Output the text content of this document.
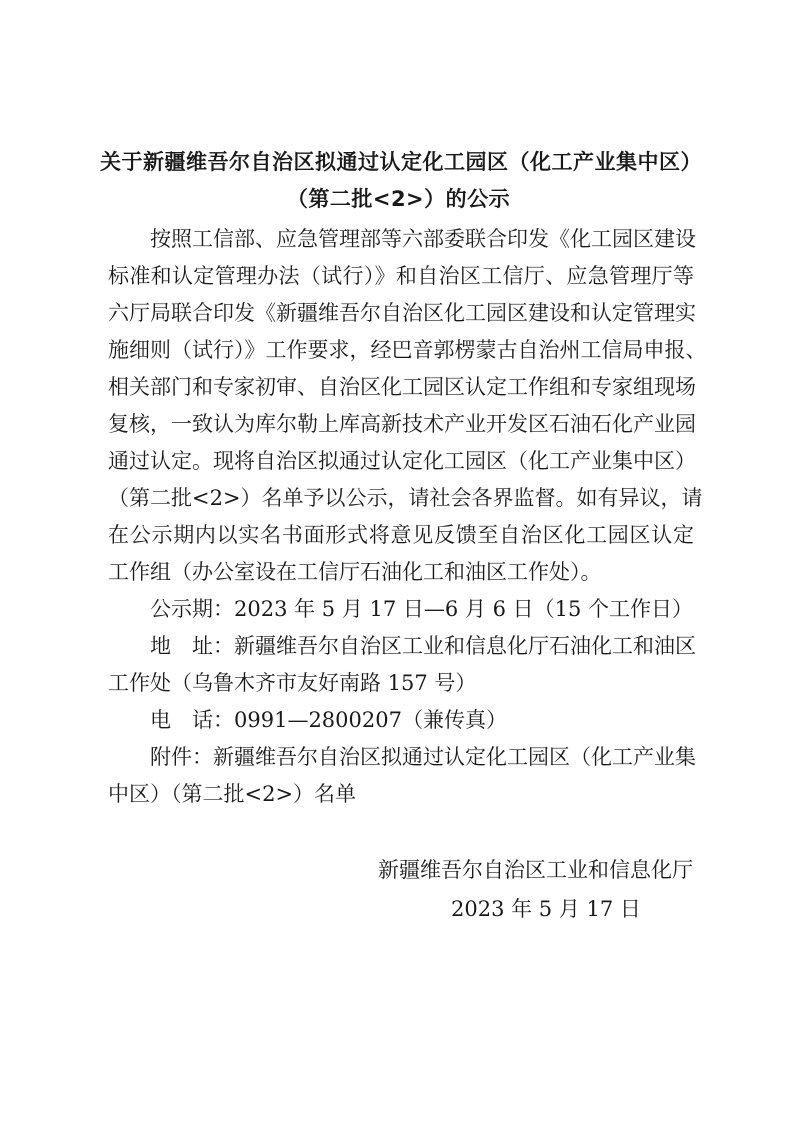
关于新疆维吾尔自治区拟通过认定化工园区（化工产业集中区）
（第二批<2>）的公示

按照工信部、应急管理部等六部委联合印发《化工园区建设

标准和认定管理办法（试行）》和自治区工信厅、应急管理厅等

六厅局联合印发《新疆维吾尔自治区化工园区建设和认定管理实

施细则（试行）》工作要求，经巴音郭楞蒙古自治州工信局申报、

相关部门和专家初审、自治区化工园区认定工作组和专家组现场

复核，一致认为库尔勒上库高新技术产业开发区石油石化产业园

通过认定。现将自治区拟通过认定化工园区（化工产业集中区）

（第二批<2>）名单予以公示，请社会各界监督。如有异议，请

在公示期内以实名书面形式将意见反馈至自治区化工园区认定

工作组（办公室设在工信厅石油化工和油区工作处）。

公示期：2023 年 5 月 17 日—6 月 6 日（15 个工作日）

地　址：新疆维吾尔自治区工业和信息化厅石油化工和油区

工作处（乌鲁木齐市友好南路 157 号）

电　话：0991—2800207（兼传真）

附件：新疆维吾尔自治区拟通过认定化工园区（化工产业集

中区）（第二批<2>）名单

新疆维吾尔自治区工业和信息化厅
2023 年 5 月 17 日
